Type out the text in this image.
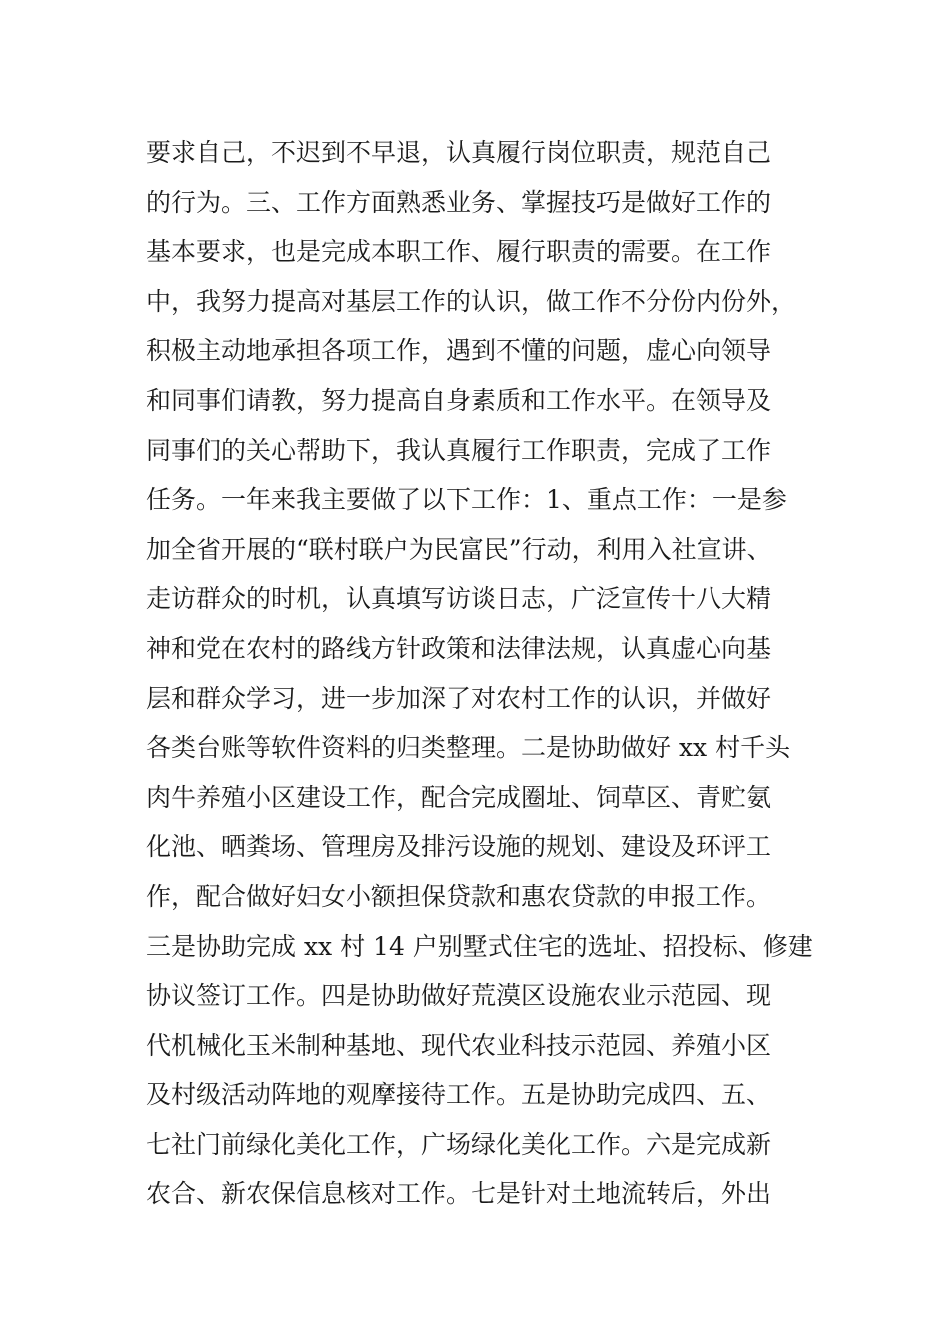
要求自己，不迟到不早退，认真履行岗位职责，规范自己
的行为。三、工作方面熟悉业务、掌握技巧是做好工作的
基本要求，也是完成本职工作、履行职责的需要。在工作
中，我努力提高对基层工作的认识，做工作不分份内份外，
积极主动地承担各项工作，遇到不懂的问题，虚心向领导
和同事们请教，努力提高自身素质和工作水平。在领导及
同事们的关心帮助下，我认真履行工作职责，完成了工作
任务。一年来我主要做了以下工作：1、重点工作：一是参
加全省开展的“联村联户为民富民”行动，利用入社宣讲、
走访群众的时机，认真填写访谈日志，广泛宣传十八大精
神和党在农村的路线方针政策和法律法规，认真虚心向基
层和群众学习，进一步加深了对农村工作的认识，并做好
各类台账等软件资料的归类整理。二是协助做好 xx 村千头
肉牛养殖小区建设工作，配合完成圈址、饲草区、青贮氨
化池、晒粪场、管理房及排污设施的规划、建设及环评工
作，配合做好妇女小额担保贷款和惠农贷款的申报工作。
三是协助完成 xx 村 14 户别墅式住宅的选址、招投标、修建
协议签订工作。四是协助做好荒漠区设施农业示范园、现
代机械化玉米制种基地、现代农业科技示范园、养殖小区
及村级活动阵地的观摩接待工作。五是协助完成四、五、
七社门前绿化美化工作，广场绿化美化工作。六是完成新
农合、新农保信息核对工作。七是针对土地流转后，外出
